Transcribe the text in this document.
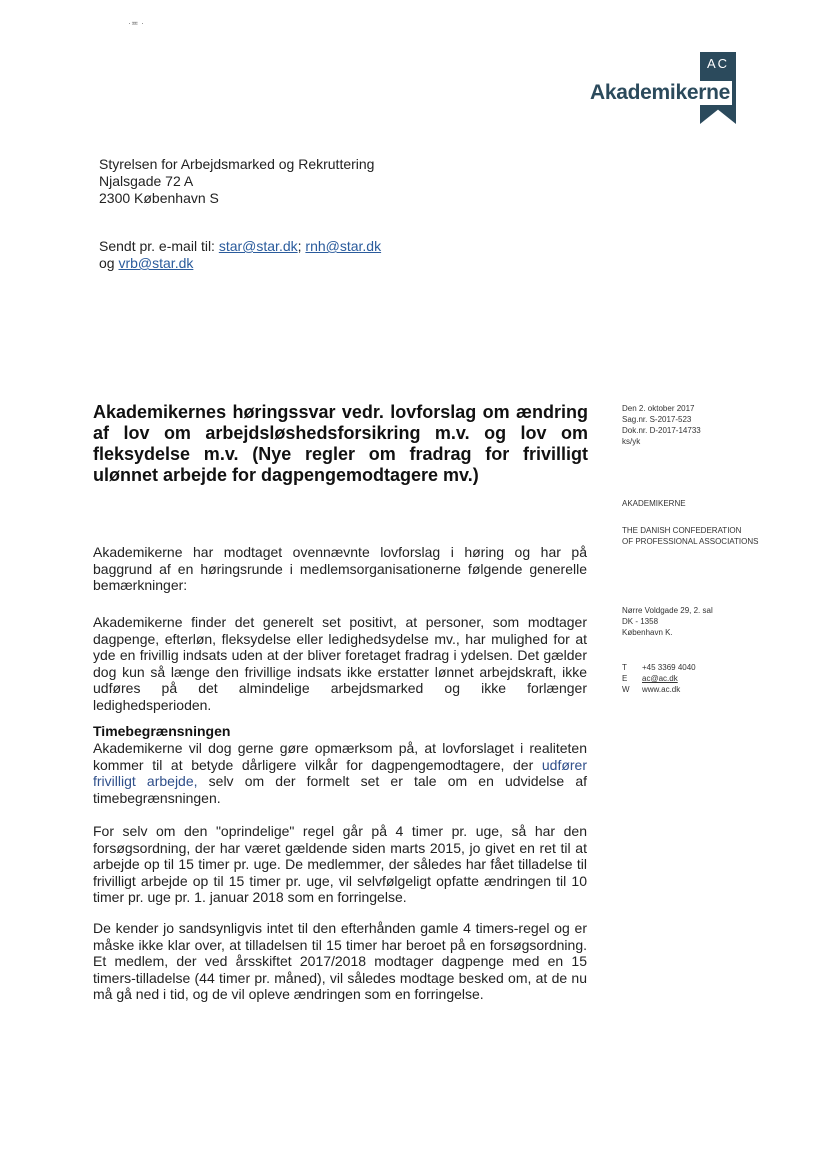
·≖ ·
AC
Akademikerne
Styrelsen for Arbejdsmarked og Rekruttering
Njalsgade 72 A
2300 København S
Sendt pr. e-mail til: star@star.dk; rnh@star.dk
og vrb@star.dk
Akademikernes høringssvar vedr. lovforslag om ændring af lov om arbejdsløshedsforsikring m.v. og lov om fleksydelse m.v. (Nye regler om fradrag for frivilligt ulønnet arbejde for dagpengemodtagere mv.)
Den 2. oktober 2017
Sag.nr. S-2017-523
Dok.nr. D-2017-14733
ks/yk
AKADEMIKERNE
THE DANISH CONFEDERATION
OF PROFESSIONAL ASSOCIATIONS
Nørre Voldgade 29, 2. sal
DK - 1358
København K.
T +45 3369 4040
E ac@ac.dk
W www.ac.dk
Akademikerne har modtaget ovennævnte lovforslag i høring og har på baggrund af en høringsrunde i medlemsorganisationerne følgende generelle bemærkninger:
Akademikerne finder det generelt set positivt, at personer, som modtager dagpenge, efterløn, fleksydelse eller ledighedsydelse mv., har mulighed for at yde en frivillig indsats uden at der bliver foretaget fradrag i ydelsen. Det gælder dog kun så længe den frivillige indsats ikke erstatter lønnet arbejdskraft, ikke udføres på det almindelige arbejdsmarked og ikke forlænger ledighedsperioden.
Timebegrænsningen
Akademikerne vil dog gerne gøre opmærksom på, at lovforslaget i realiteten kommer til at betyde dårligere vilkår for dagpengemodtagere, der udfører frivilligt arbejde, selv om der formelt set er tale om en udvidelse af timebegrænsningen.
For selv om den "oprindelige" regel går på 4 timer pr. uge, så har den forsøgsordning, der har været gældende siden marts 2015, jo givet en ret til at arbejde op til 15 timer pr. uge. De medlemmer, der således har fået tilladelse til frivilligt arbejde op til 15 timer pr. uge, vil selvfølgeligt opfatte ændringen til 10 timer pr. uge pr. 1. januar 2018 som en forringelse.
De kender jo sandsynligvis intet til den efterhånden gamle 4 timers-regel og er måske ikke klar over, at tilladelsen til 15 timer har beroet på en forsøgsordning. Et medlem, der ved årsskiftet 2017/2018 modtager dagpenge med en 15 timers-tilladelse (44 timer pr. måned), vil således modtage besked om, at de nu må gå ned i tid, og de vil opleve ændringen som en forringelse.
